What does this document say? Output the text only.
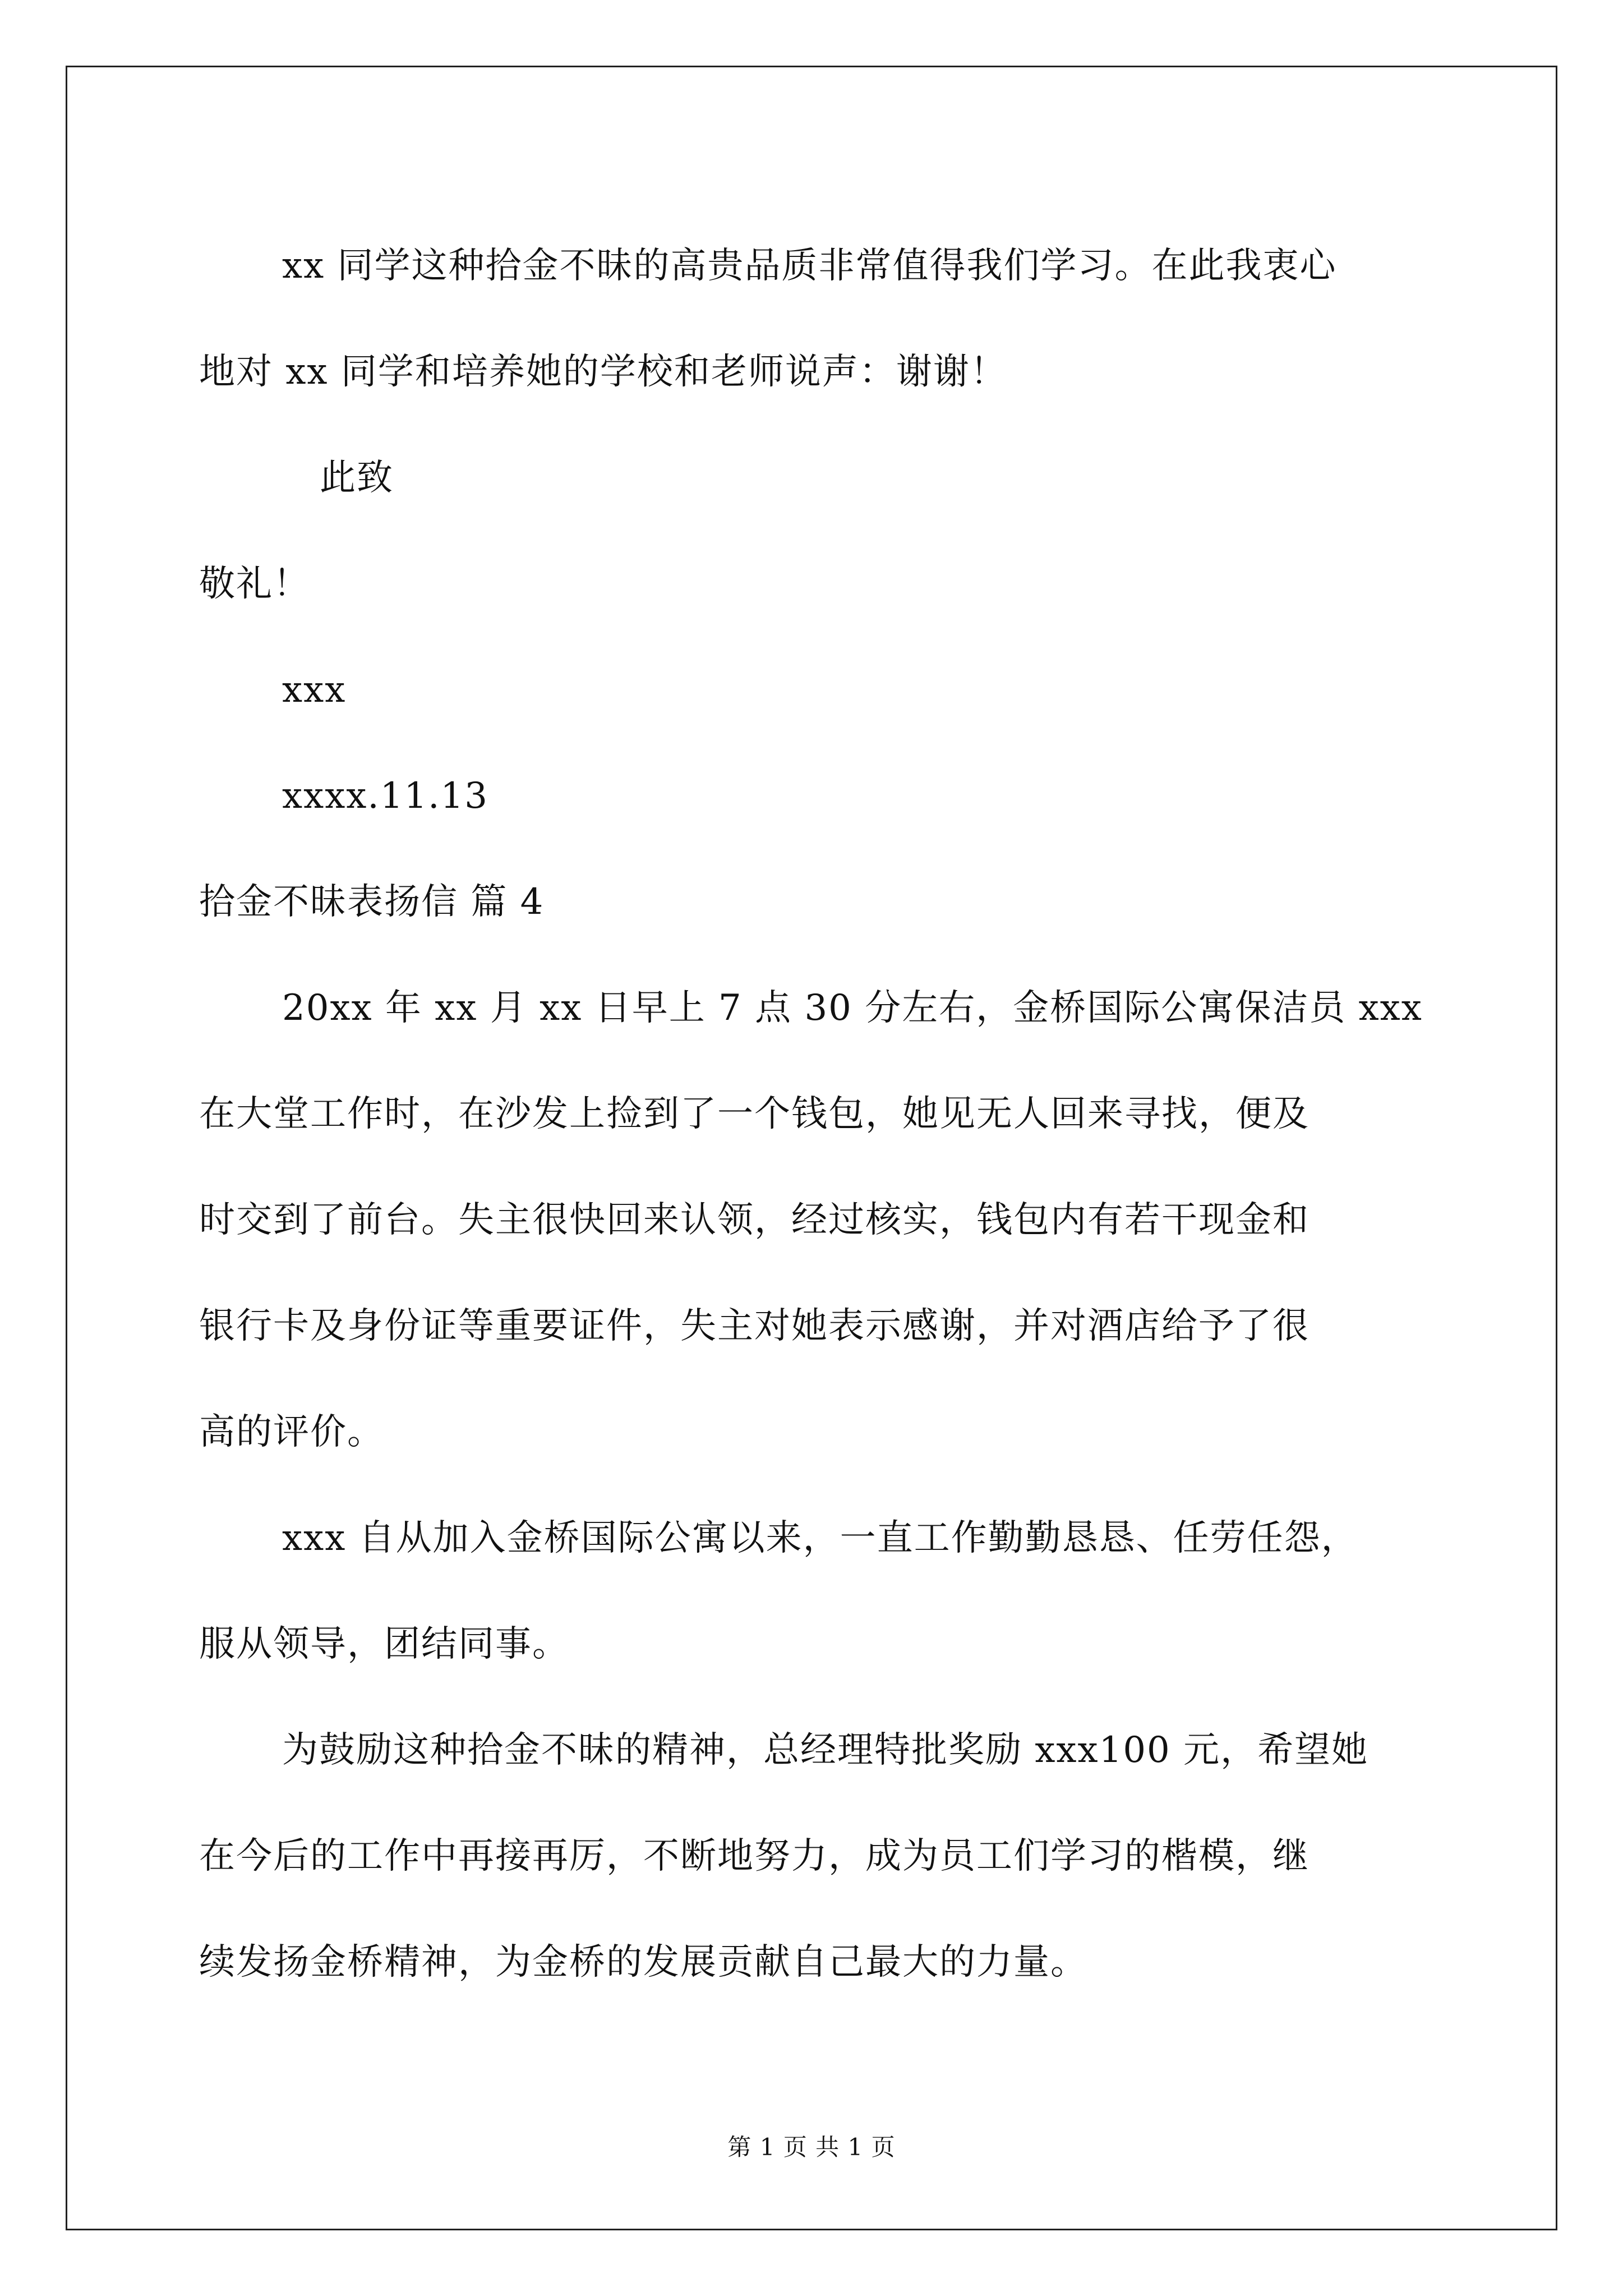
xx 同学这种拾金不昧的高贵品质非常值得我们学习。在此我衷心
地对 xx 同学和培养她的学校和老师说声：谢谢！
此致
敬礼！
xxx
xxxx.11.13
拾金不昧表扬信 篇 4
20xx 年 xx 月 xx 日早上 7 点 30 分左右，金桥国际公寓保洁员 xxx
在大堂工作时，在沙发上捡到了一个钱包，她见无人回来寻找，便及
时交到了前台。失主很快回来认领，经过核实，钱包内有若干现金和
银行卡及身份证等重要证件，失主对她表示感谢，并对酒店给予了很
高的评价。
xxx 自从加入金桥国际公寓以来，一直工作勤勤恳恳、任劳任怨，
服从领导，团结同事。
为鼓励这种拾金不昧的精神，总经理特批奖励 xxx100 元，希望她
在今后的工作中再接再厉，不断地努力，成为员工们学习的楷模，继
续发扬金桥精神，为金桥的发展贡献自己最大的力量。
第 1 页 共 1 页
